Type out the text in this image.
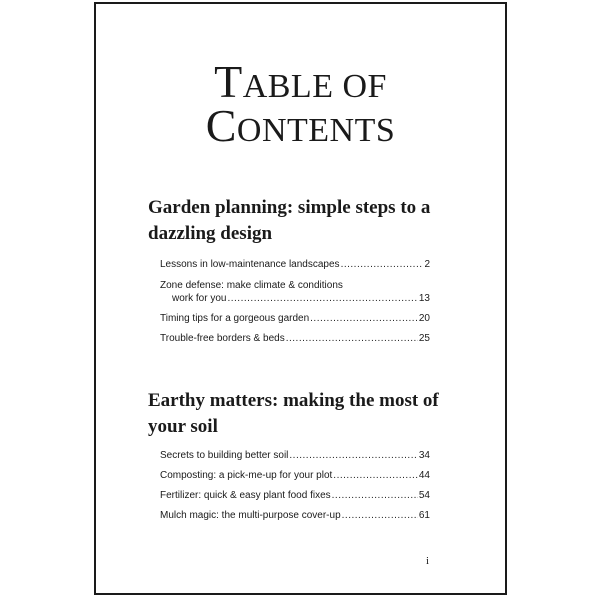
TABLE OF
CONTENTS
Garden planning: simple steps to a dazzling design
Lessons in low-maintenance landscapes .....	2
Zone defense: make climate & conditions
work for you .....	13
Timing tips for a gorgeous garden .....	20
Trouble-free borders & beds .....	25
Earthy matters: making the most of your soil
Secrets to building better soil .....	34
Composting: a pick-me-up for your plot .....	44
Fertilizer: quick & easy plant food fixes .....	54
Mulch magic: the multi-purpose cover-up .....	61
i
